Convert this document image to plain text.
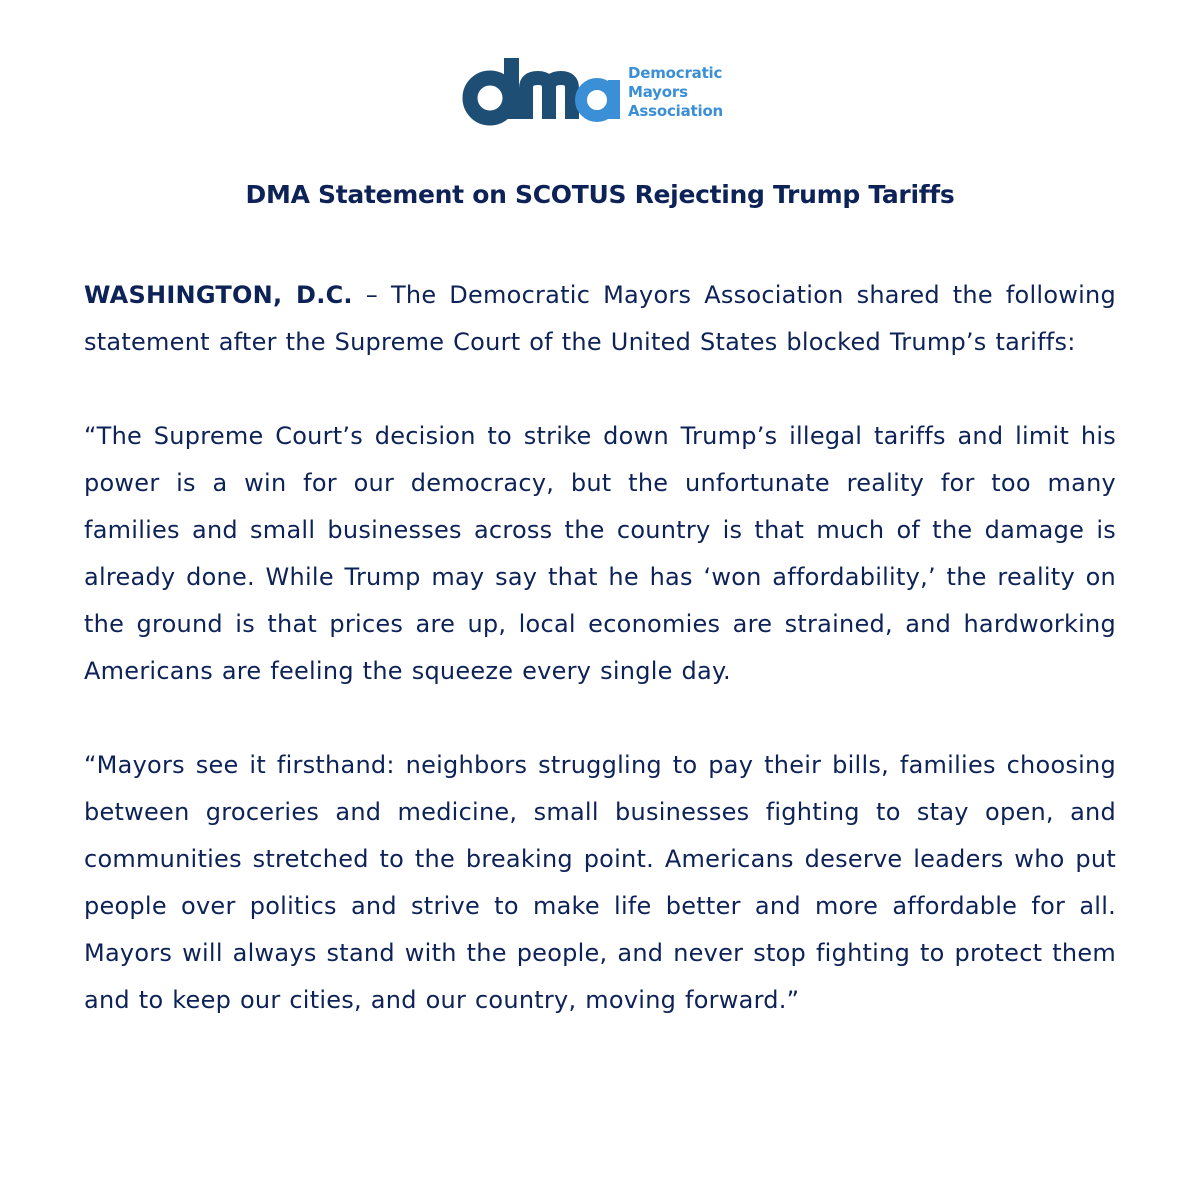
Democratic
Mayors
Association
DMA Statement on SCOTUS Rejecting Trump Tariffs

WASHINGTON, D.C. – The Democratic Mayors Association shared the following statement after the Supreme Court of the United States blocked Trump’s tariffs:

“The Supreme Court’s decision to strike down Trump’s illegal tariffs and limit his power is a win for our democracy, but the unfortunate reality for too many families and small businesses across the country is that much of the damage is already done. While Trump may say that he has ‘won affordability,’ the reality on the ground is that prices are up, local economies are strained, and hardworking Americans are feeling the squeeze every single day.

“Mayors see it firsthand: neighbors struggling to pay their bills, families choosing between groceries and medicine, small businesses fighting to stay open, and communities stretched to the breaking point. Americans deserve leaders who put people over politics and strive to make life better and more affordable for all. Mayors will always stand with the people, and never stop fighting to protect them and to keep our cities, and our country, moving forward.”
